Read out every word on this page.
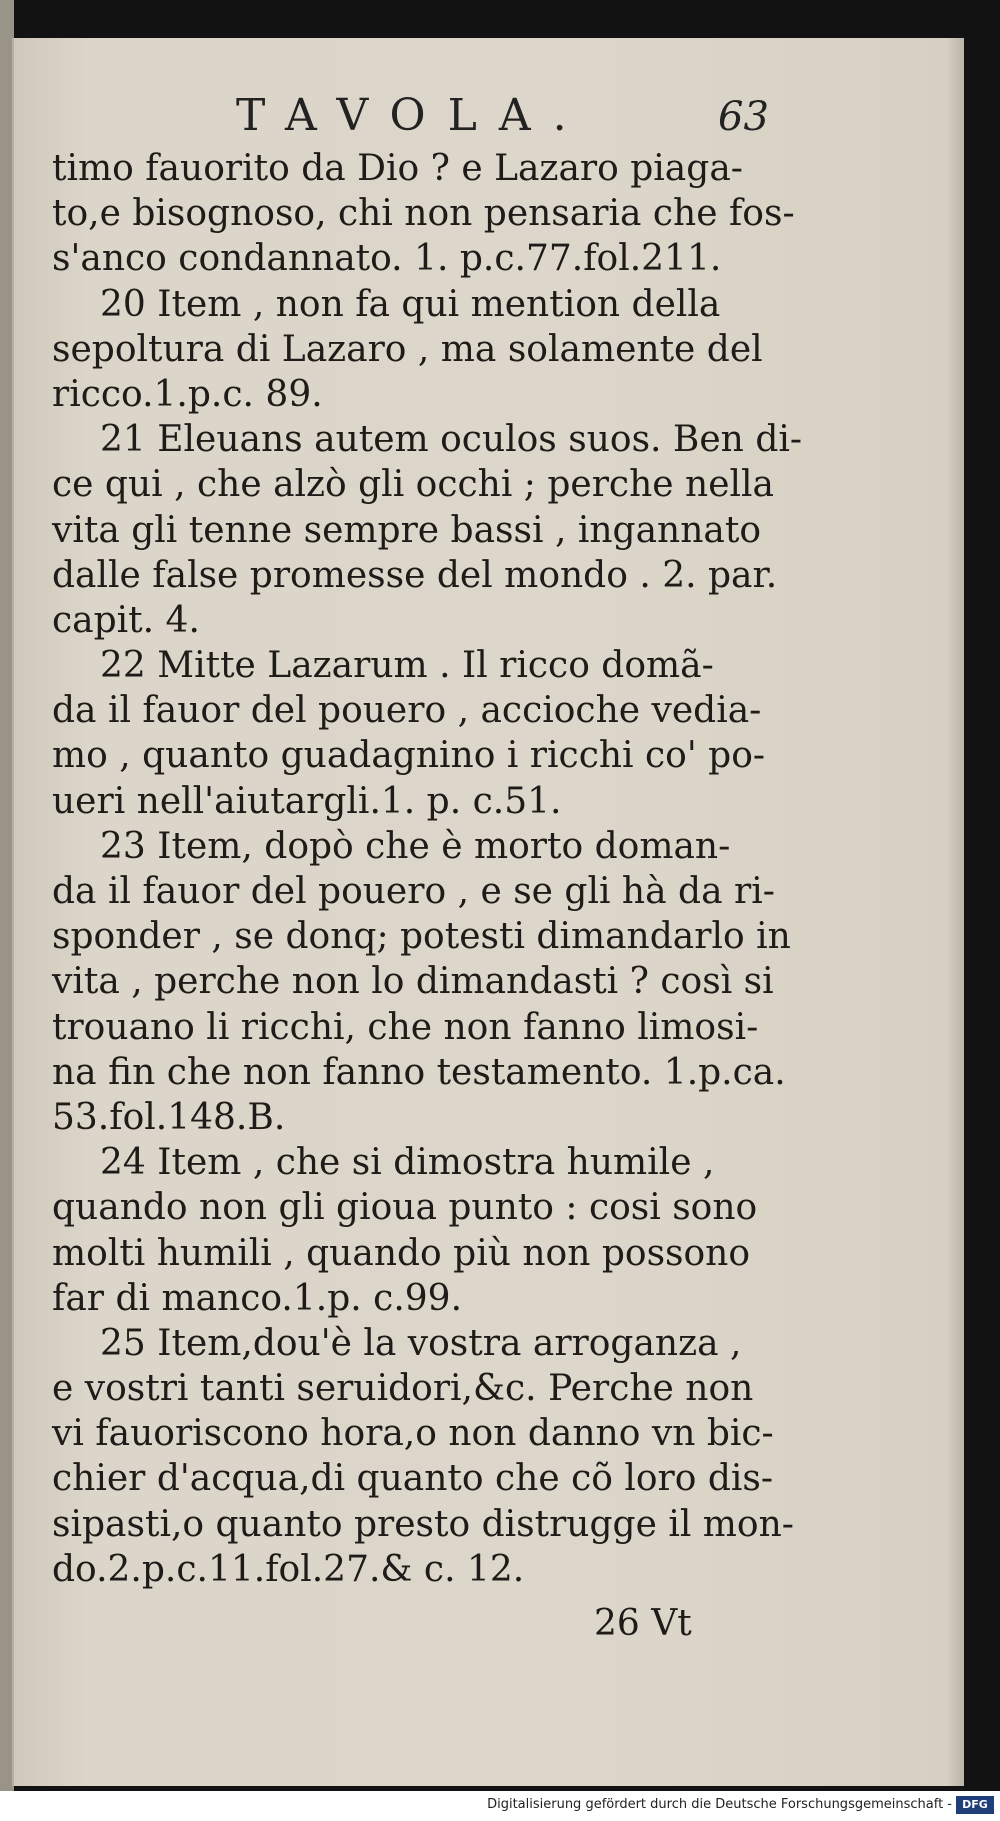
TAVOLA.	63
timo fauorito da Dio ? e Lazaro piaga-
to,e bisognoso, chi non pensaria che fos-
s'anco condannato. 1. p.c.77.fol.211.
20 Item , non fa qui mention della
sepoltura di Lazaro , ma solamente del
ricco.1.p.c. 89.
21 Eleuans autem oculos suos. Ben di-
ce qui , che alzò gli occhi ; perche nella
vita gli tenne sempre bassi , ingannato
dalle false promesse del mondo . 2. par.
capit. 4.
22 Mitte Lazarum . Il ricco domã-
da il fauor del pouero , accioche vedia-
mo , quanto guadagnino i ricchi co' po-
ueri nell'aiutargli.1. p. c.51.
23 Item, dopò che è morto doman-
da il fauor del pouero , e se gli hà da ri-
sponder , se donq; potesti dimandarlo in
vita , perche non lo dimandasti ? così si
trouano li ricchi, che non fanno limosi-
na fin che non fanno testamento. 1.p.ca.
53.fol.148.B.
24 Item , che si dimostra humile ,
quando non gli gioua punto : cosi sono
molti humili , quando più non possono
far di manco.1.p. c.99.
25 Item,dou'è la vostra arroganza ,
e vostri tanti seruidori,&c. Perche non
vi fauoriscono hora,o non danno vn bic-
chier d'acqua,di quanto che cõ loro dis-
sipasti,o quanto presto distrugge il mon-
do.2.p.c.11.fol.27.& c. 12.
26 Vt
Digitalisierung gefördert durch die Deutsche Forschungsgemeinschaft - DFG
